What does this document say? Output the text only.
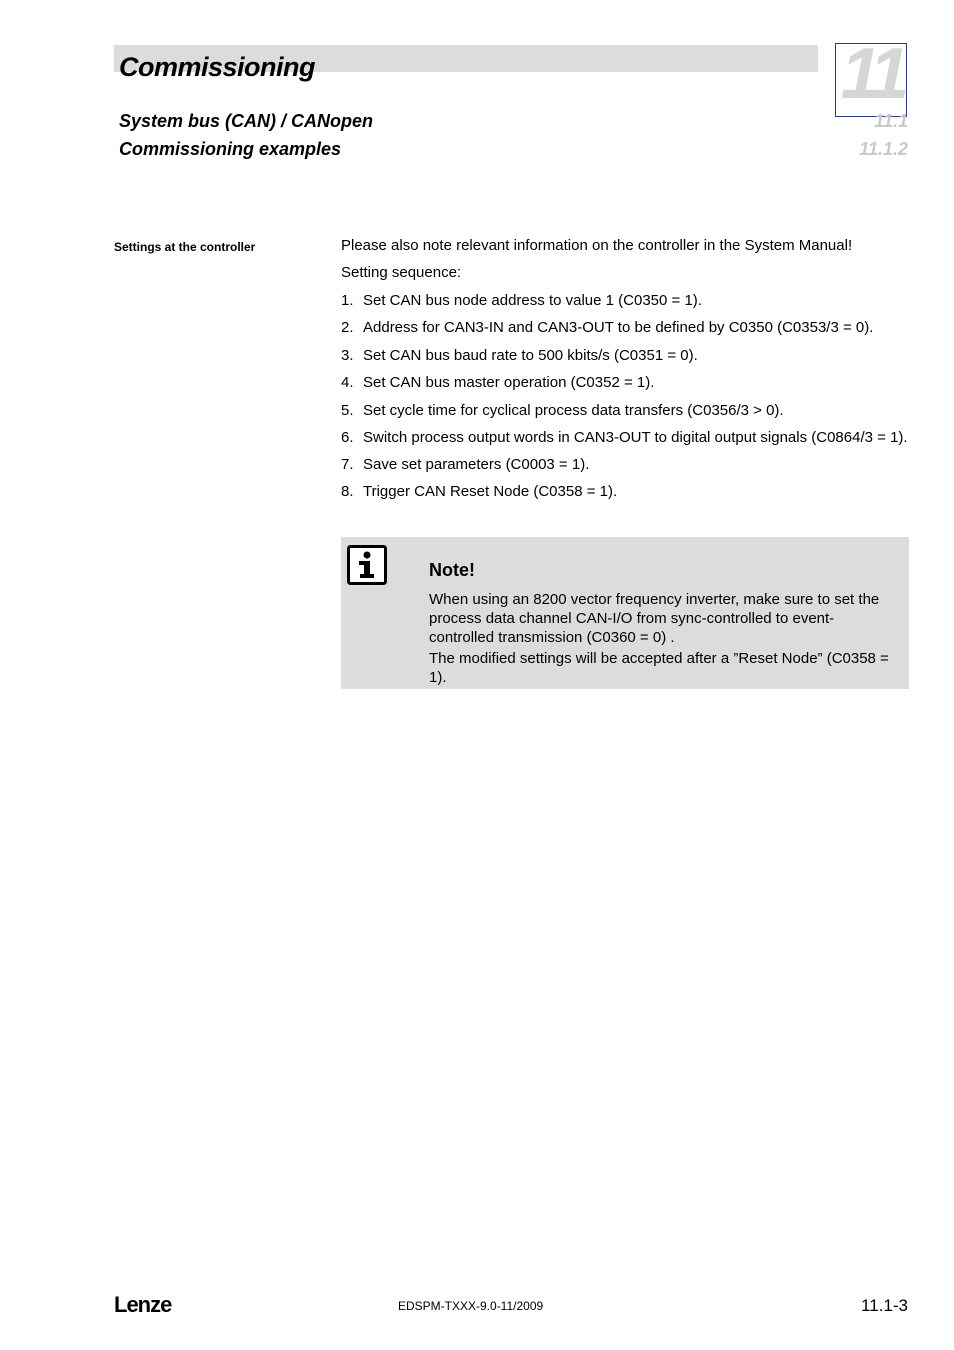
Commissioning	11
System bus (CAN) / CANopen	11.1
Commissioning examples	11.1.2
Settings at the controller	Please also note relevant information on the controller in the System Manual!
Setting sequence:
1. Set CAN bus node address to value 1 (C0350 = 1).
2. Address for CAN3-IN and CAN3-OUT to be defined by C0350 (C0353/3 = 0).
3. Set CAN bus baud rate to 500 kbits/s (C0351 = 0).
4. Set CAN bus master operation (C0352 = 1).
5. Set cycle time for cyclical process data transfers (C0356/3 > 0).
6. Switch process output words in CAN3-OUT to digital output signals (C0864/3 = 1).
7. Save set parameters (C0003 = 1).
8. Trigger CAN Reset Node (C0358 = 1).
Note!
When using an 8200 vector frequency inverter, make sure to set the process data channel CAN-I/O from sync-controlled to event-controlled transmission (C0360 = 0) .
The modified settings will be accepted after a ”Reset Node” (C0358 = 1).
Lenze	EDSPM-TXXX-9.0-11/2009	11.1-3
